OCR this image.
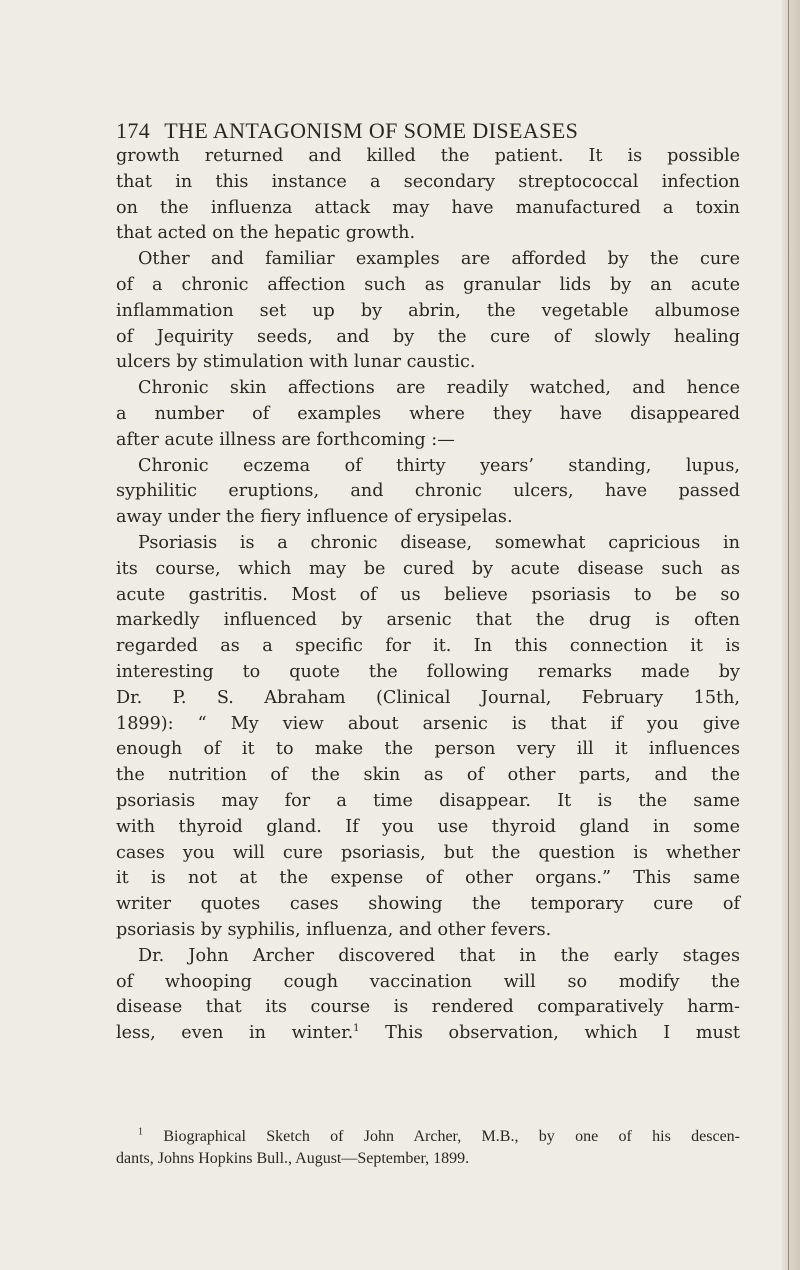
174 THE ANTAGONISM OF SOME DISEASES
growth returned and killed the patient. It is possible
that in this instance a secondary streptococcal infection
on the influenza attack may have manufactured a toxin
that acted on the hepatic growth.
Other and familiar examples are afforded by the cure
of a chronic affection such as granular lids by an acute
inflammation set up by abrin, the vegetable albumose
of Jequirity seeds, and by the cure of slowly healing
ulcers by stimulation with lunar caustic.
Chronic skin affections are readily watched, and hence
a number of examples where they have disappeared
after acute illness are forthcoming :—
Chronic eczema of thirty years’ standing, lupus,
syphilitic eruptions, and chronic ulcers, have passed
away under the fiery influence of erysipelas.
Psoriasis is a chronic disease, somewhat capricious in
its course, which may be cured by acute disease such as
acute gastritis. Most of us believe psoriasis to be so
markedly influenced by arsenic that the drug is often
regarded as a specific for it. In this connection it is
interesting to quote the following remarks made by
Dr. P. S. Abraham (Clinical Journal, February 15th,
1899): “ My view about arsenic is that if you give
enough of it to make the person very ill it influences
the nutrition of the skin as of other parts, and the
psoriasis may for a time disappear. It is the same
with thyroid gland. If you use thyroid gland in some
cases you will cure psoriasis, but the question is whether
it is not at the expense of other organs.” This same
writer quotes cases showing the temporary cure of
psoriasis by syphilis, influenza, and other fevers.
Dr. John Archer discovered that in the early stages
of whooping cough vaccination will so modify the
disease that its course is rendered comparatively harm-
less, even in winter.$^1$ This observation, which I must
$^1$ Biographical Sketch of John Archer, M.B., by one of his descen-
dants, Johns Hopkins Bull., August—September, 1899.
